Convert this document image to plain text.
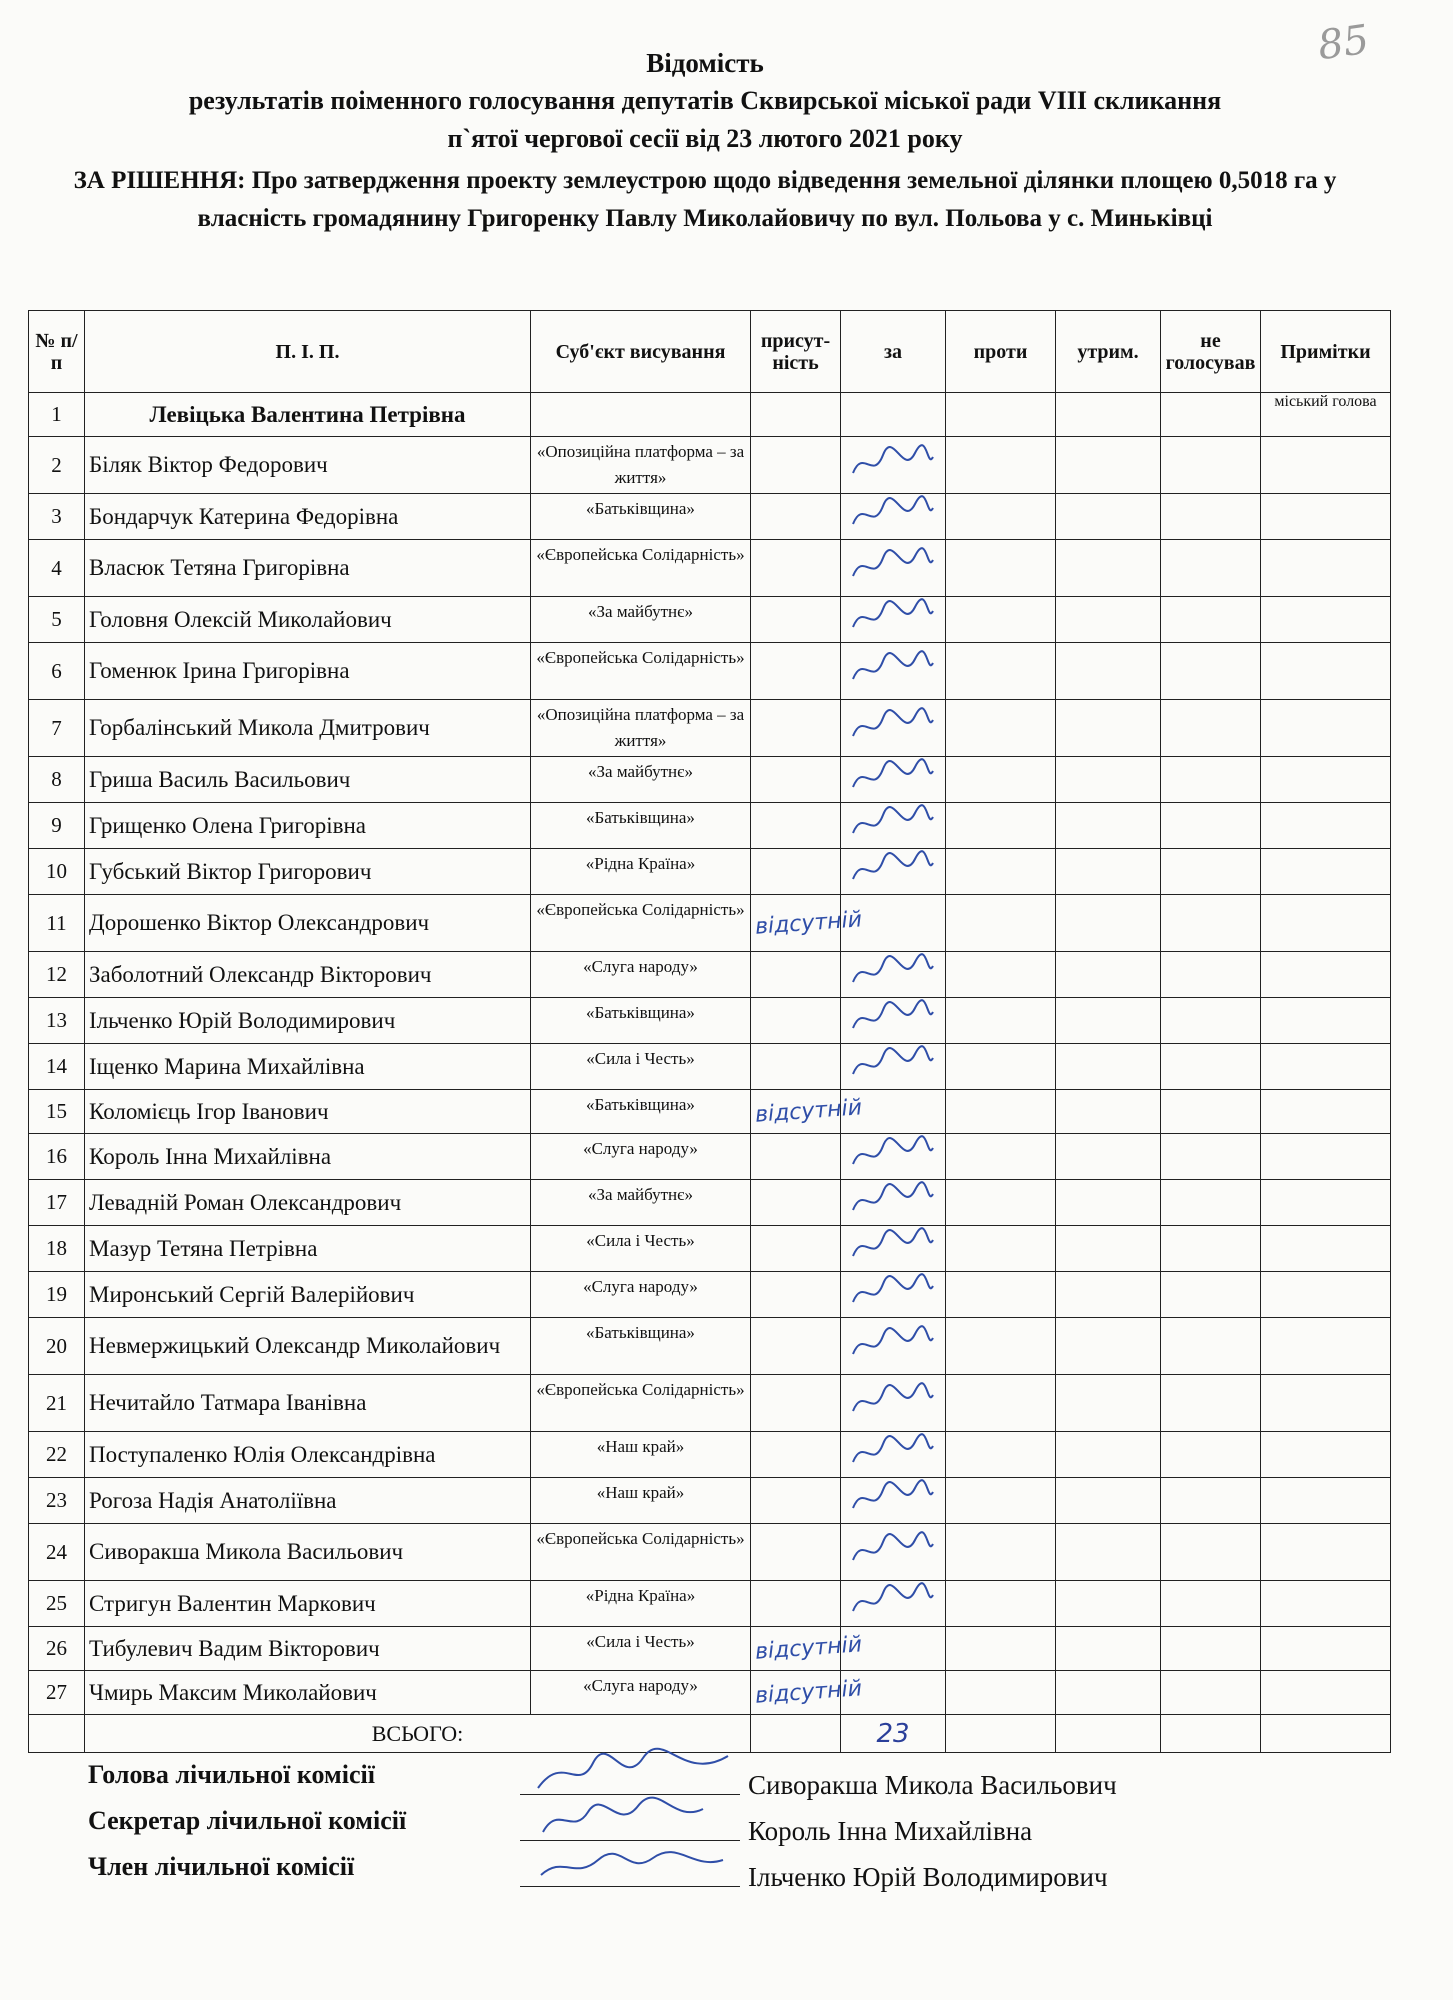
85
Відомість
результатів поіменного голосування депутатів Сквирської міської ради VIII скликання
п`ятої чергової сесії від 23 лютого 2021 року
ЗА РІШЕННЯ: Про затвердження проекту землеустрою щодо відведення земельної ділянки площею 0,5018 га у власність громадянину Григоренку Павлу Миколайовичу по вул. Польова у с. Миньківці
№ п/п	П. І. П.	Суб'єкт висування	присут-ність	за	проти	утрим.	не голосував	Примітки
1	Левіцька Валентина Петрівна							міський голова
2	Біляк Віктор Федорович	«Опозиційна платформа – за життя»						
3	Бондарчук Катерина Федорівна	«Батьківщина»						
4	Власюк Тетяна Григорівна	«Європейська Солідарність»						
5	Головня Олексій Миколайович	«За майбутнє»						
6	Гоменюк Ірина Григорівна	«Європейська Солідарність»						
7	Горбалінський Микола Дмитрович	«Опозиційна платформа – за життя»						
8	Гриша Василь Васильович	«За майбутнє»						
9	Грищенко Олена Григорівна	«Батьківщина»						
10	Губський Віктор Григорович	«Рідна Країна»						
11	Дорошенко Віктор Олександрович	«Європейська Солідарність»	відсутній					
12	Заболотний Олександр Вікторович	«Слуга народу»						
13	Ільченко Юрій Володимирович	«Батьківщина»						
14	Іщенко Марина Михайлівна	«Сила і Честь»						
15	Коломієць Ігор Іванович	«Батьківщина»	відсутній					
16	Король Інна Михайлівна	«Слуга народу»						
17	Левадній Роман Олександрович	«За майбутнє»						
18	Мазур Тетяна Петрівна	«Сила і Честь»						
19	Миронський Сергій Валерійович	«Слуга народу»						
20	Невмержицький Олександр Миколайович	«Батьківщина»						
21	Нечитайло Татмара Іванівна	«Європейська Солідарність»						
22	Поступаленко Юлія Олександрівна	«Наш край»						
23	Рогоза Надія Анатоліївна	«Наш край»						
24	Сиворакша Микола Васильович	«Європейська Солідарність»						
25	Стригун Валентин Маркович	«Рідна Країна»						
26	Тибулевич Вадим Вікторович	«Сила і Честь»	відсутній					
27	Чмирь Максим Миколайович	«Слуга народу»	відсутній					
	ВСЬОГО:			23				
Голова лічильної комісії	Сиворакша Микола Васильович
Секретар лічильної комісії	Король Інна Михайлівна
Член лічильної комісії	Ільченко Юрій Володимирович
